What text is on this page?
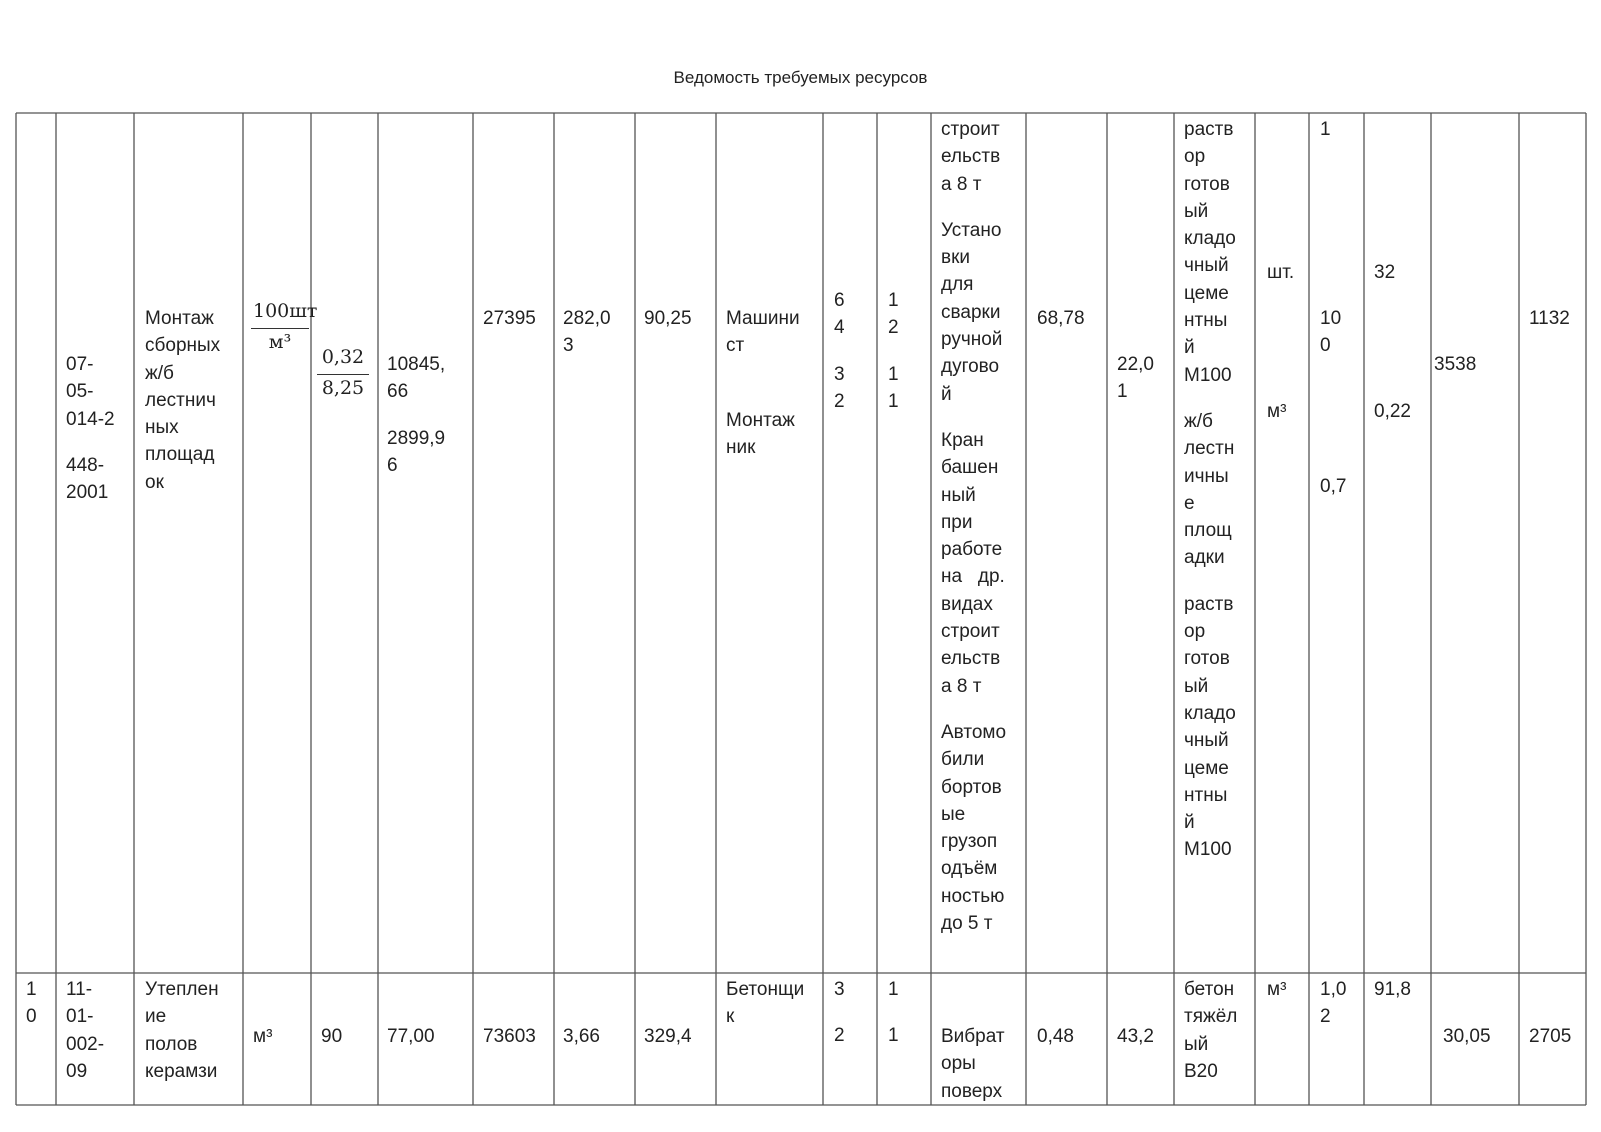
Ведомость требуемых ресурсов

07-

05-

014-2

448-

2001

Монтаж

сборных

ж/б

лестнич

ных

площад

ок

100шт
м³
$\frac{0,32}{8,25} 10845$,

66

2899,9

6

27395 282,0

3

90,25 Машини

ст

Монтаж

ник

6

4

3

2

1

2

1

1

строит

ельств

а 8 т

Устано

вки

для

сварки

ручной

дугово

й

Кран

башен

ный

при

работе

на   др.

видах

строит

ельств

а 8 т

Автомо

били

бортов

ые

грузоп

одъём

ностью

до 5 т

68,78

22,0

1

раств

ор

готов

ый

кладо

чный

цеме

нтны

й

М100

ж/б

лестн

ичны

е

площ

адки

раств

ор

готов

ый

кладо

чный

цеме

нтны

й

М100

шт.

м³

1

10

0

0,7

32

0,22

3538

1132

1

0

11-

01-

002-

09

Утеплен

ие

полов

керамзи

м³	90 77,00	73603 3,66 329,4

Бетонщи

к

3

2

1

1 Вибрат

оры

поверх

0,48 43,2

бетон

тяжёл

ый

В20

м³ 1,0

2

91,8

30,05 2705
